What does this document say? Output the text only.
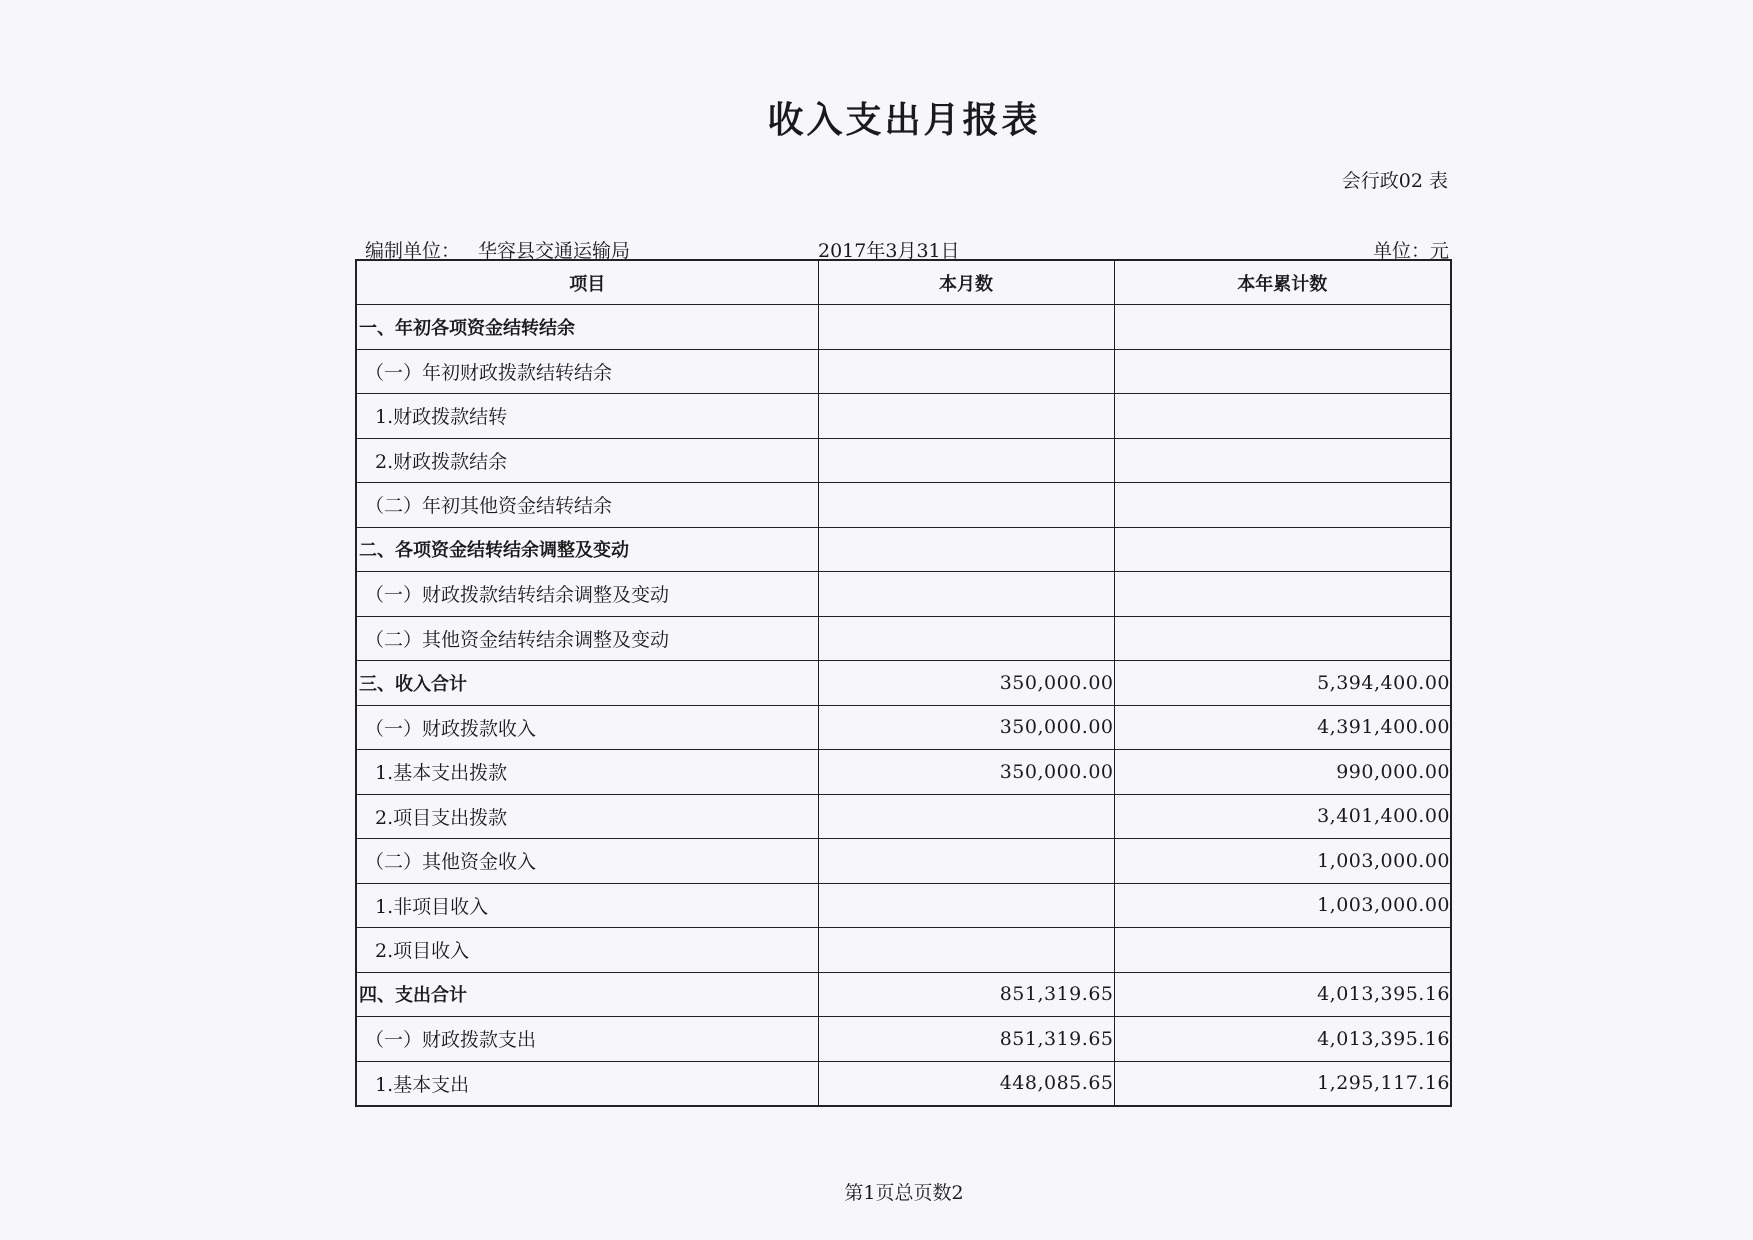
收入支出月报表
会行政02 表
编制单位： 华容县交通运输局	2017年3月31日	单位：元
项目	本月数	本年累计数
一、年初各项资金结转结余		
（一）年初财政拨款结转结余		
1.财政拨款结转		
2.财政拨款结余		
（二）年初其他资金结转结余		
二、各项资金结转结余调整及变动		
（一）财政拨款结转结余调整及变动		
（二）其他资金结转结余调整及变动		
三、收入合计	350,000.00	5,394,400.00
（一）财政拨款收入	350,000.00	4,391,400.00
1.基本支出拨款	350,000.00	990,000.00
2.项目支出拨款		3,401,400.00
（二）其他资金收入		1,003,000.00
1.非项目收入		1,003,000.00
2.项目收入		
四、支出合计	851,319.65	4,013,395.16
（一）财政拨款支出	851,319.65	4,013,395.16
1.基本支出	448,085.65	1,295,117.16
第1页总页数2
